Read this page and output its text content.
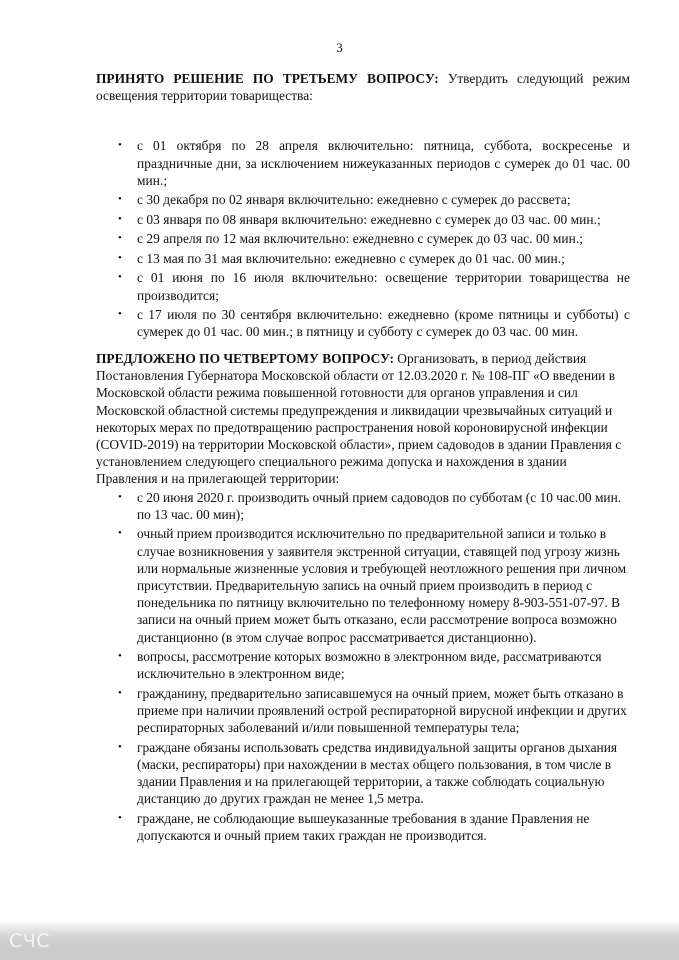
3

ПРИНЯТО РЕШЕНИЕ ПО ТРЕТЬЕМУ ВОПРОСУ: Утвердить следующий режим освещения территории товарищества:

• с 01 октября по 28 апреля включительно: пятница, суббота, воскресенье и праздничные дни, за исключением нижеуказанных периодов с сумерек до 01 час. 00 мин.;
• с 30 декабря по 02 января включительно: ежедневно с сумерек до рассвета;
• с 03 января по 08 января включительно: ежедневно с сумерек до 03 час. 00 мин.;
• с 29 апреля по 12 мая включительно: ежедневно с сумерек до 03 час. 00 мин.;
• с 13 мая по 31 мая включительно: ежедневно с сумерек до 01 час. 00 мин.;
• с 01 июня по 16 июля включительно: освещение территории товарищества не производится;
• с 17 июля по 30 сентября включительно: ежедневно (кроме пятницы и субботы) с сумерек до 01 час. 00 мин.; в пятницу и субботу с сумерек до 03 час. 00 мин.

ПРЕДЛОЖЕНО ПО ЧЕТВЕРТОМУ ВОПРОСУ: Организовать, в период действия Постановления Губернатора Московской области от 12.03.2020 г. № 108-ПГ «О введении в Московской области режима повышенной готовности для органов управления и сил Московской областной системы предупреждения и ликвидации чрезвычайных ситуаций и некоторых мерах по предотвращению распространения новой короновирусной инфекции (COVID-2019) на территории Московской области», прием садоводов в здании Правления с установлением следующего специального режима допуска и нахождения в здании Правления и на прилегающей территории:

• с 20 июня 2020 г. производить очный прием садоводов по субботам (с 10 час.00 мин. по 13 час. 00 мин);
• очный прием производится исключительно по предварительной записи и только в случае возникновения у заявителя экстренной ситуации, ставящей под угрозу жизнь или нормальные жизненные условия и требующей неотложного решения при личном присутствии. Предварительную запись на очный прием производить в период с понедельника по пятницу включительно по телефонному номеру 8-903-551-07-97. В записи на очный прием может быть отказано, если рассмотрение вопроса возможно дистанционно (в этом случае вопрос рассматривается дистанционно).
• вопросы, рассмотрение которых возможно в электронном виде, рассматриваются исключительно в электронном виде;
• гражданину, предварительно записавшемуся на очный прием, может быть отказано в приеме при наличии проявлений острой респираторной вирусной инфекции и других респираторных заболеваний и/или повышенной температуры тела;
• граждане обязаны использовать средства индивидуальной защиты органов дыхания (маски, респираторы) при нахождении в местах общего пользования, в том числе в здании Правления и на прилегающей территории, а также соблюдать социальную дистанцию до других граждан не менее 1,5 метра.
• граждане, не соблюдающие вышеуказанные требования в здание Правления не допускаются и очный прием таких граждан не производится.
СЧС
